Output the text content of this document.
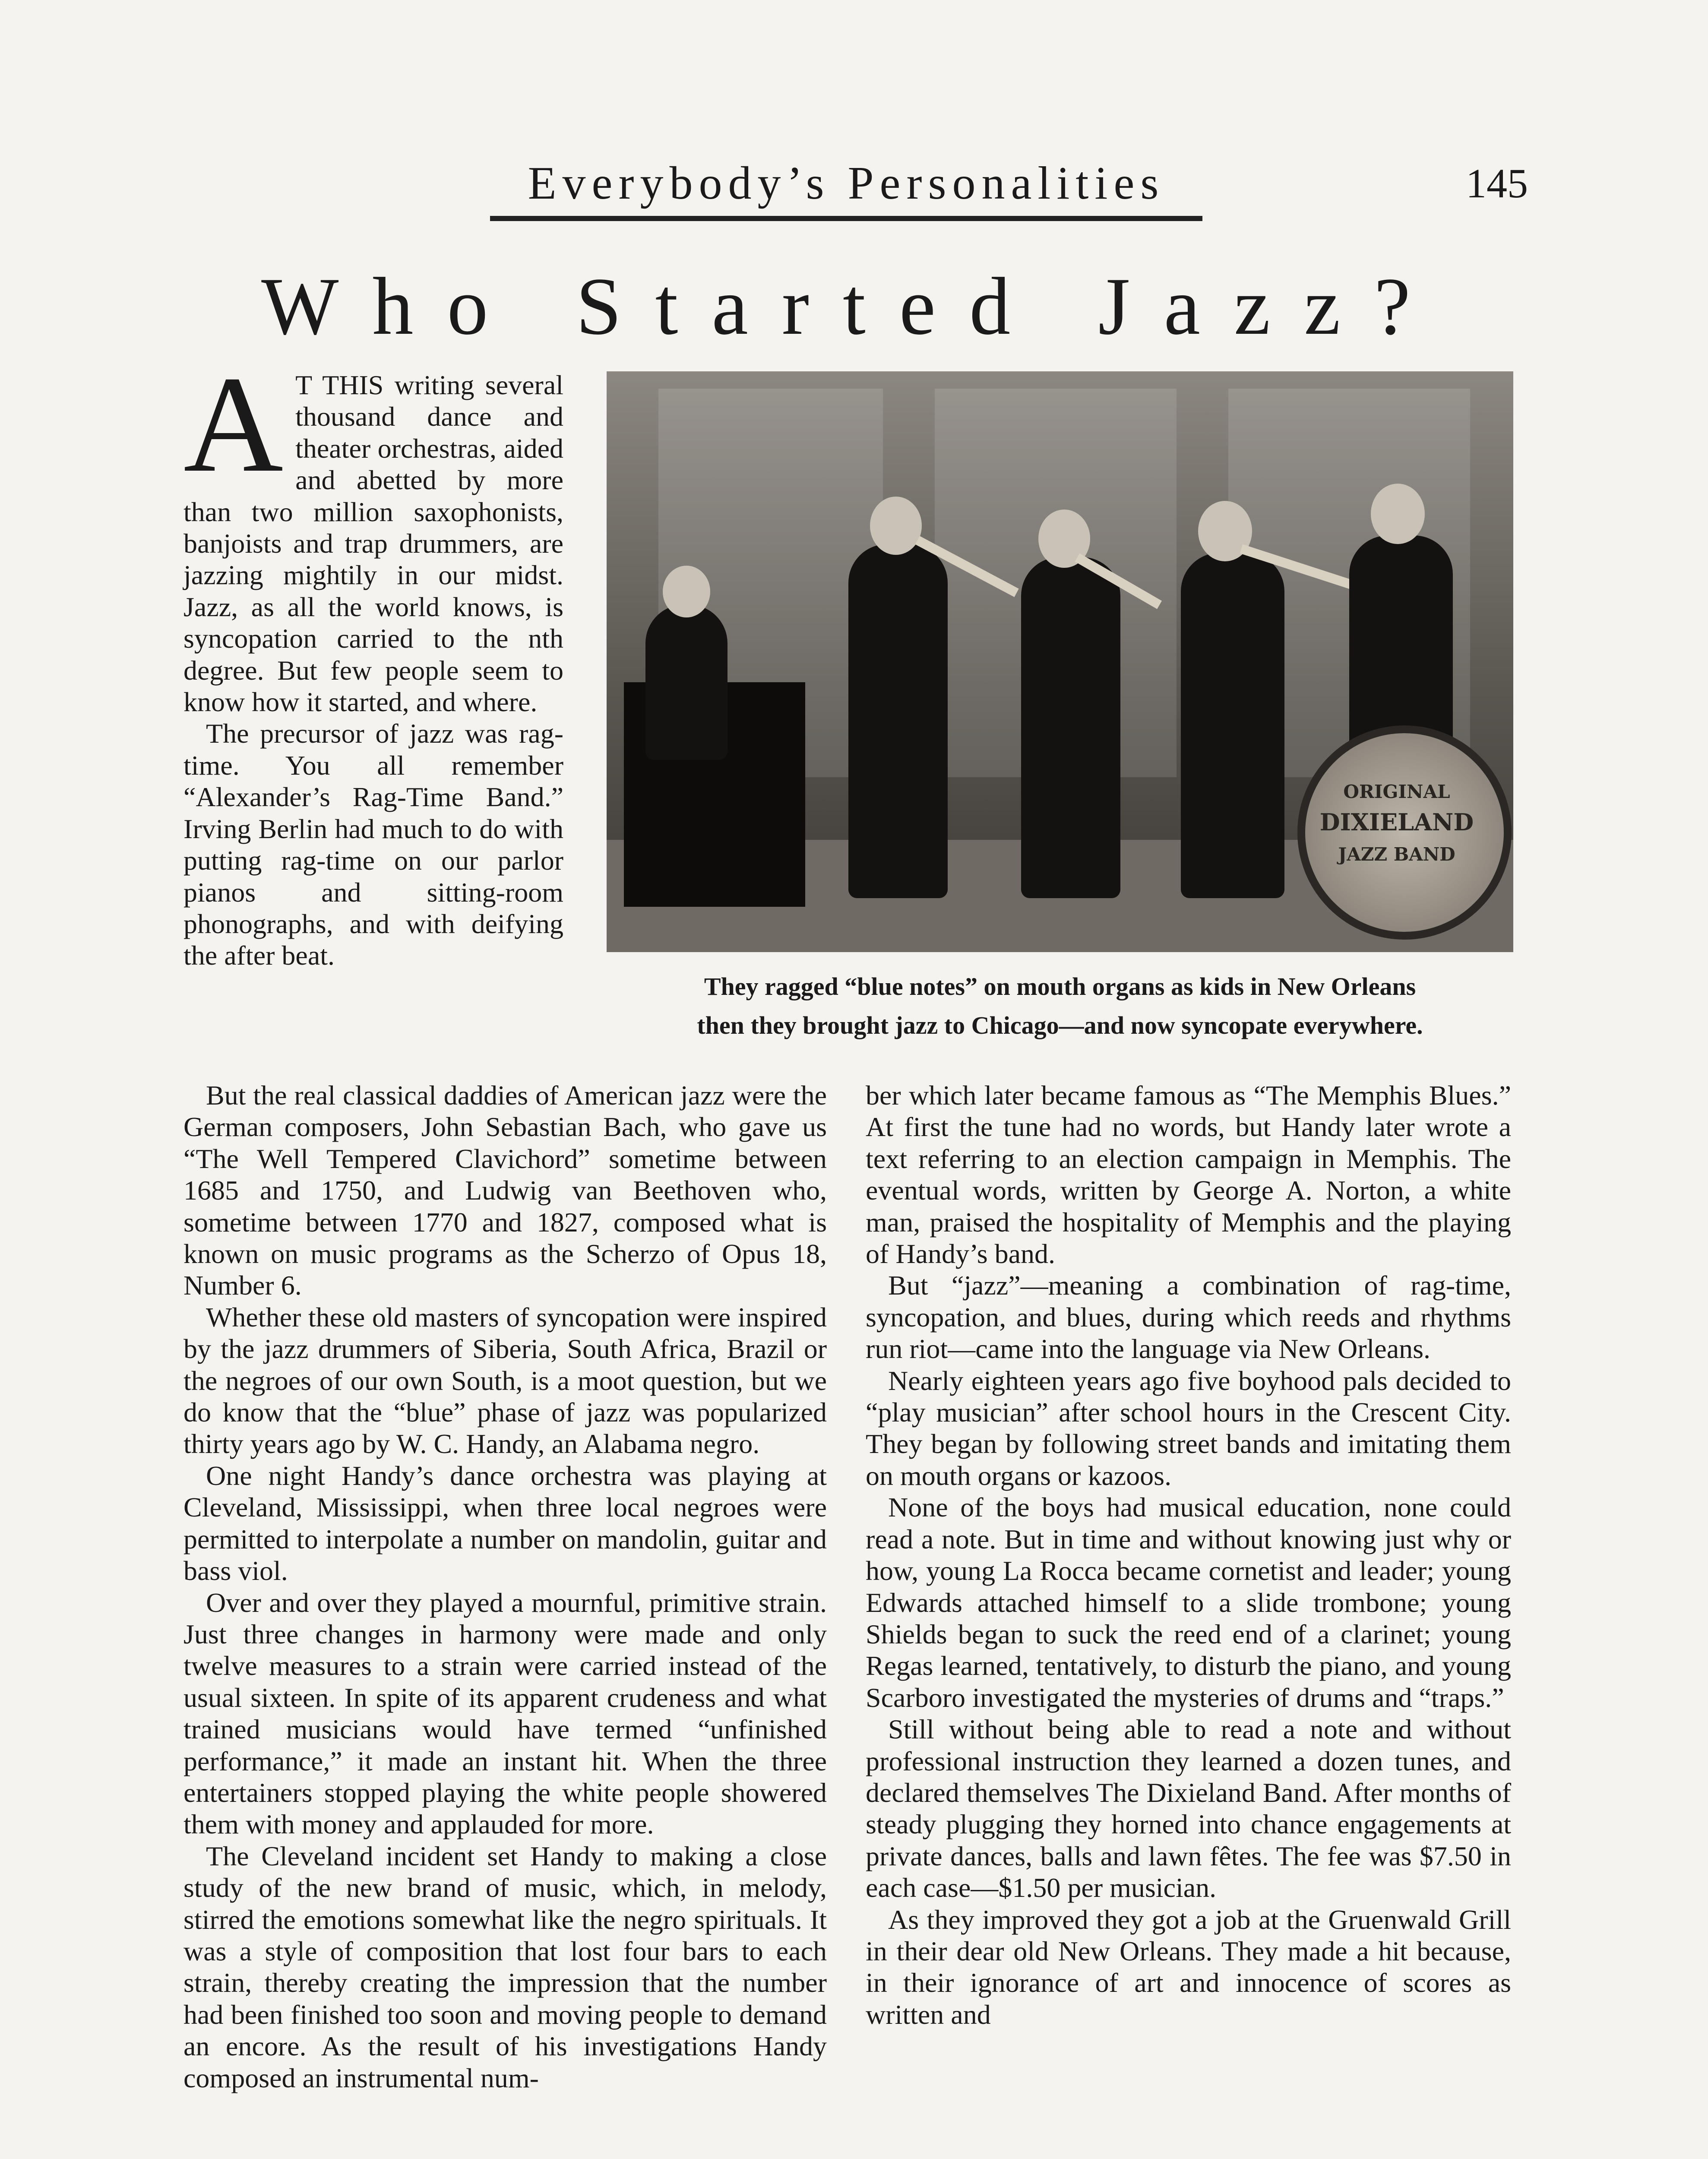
Everybody’s Personalities	145
Who Started Jazz?
ORIGINAL
DIXIELAND
JAZZ BAND
They ragged “blue notes” on mouth organs as kids in New Orleans
then they brought jazz to Chicago—and now syncopate everywhere.

A T THIS writing several thousand dance and theater orchestras, aided and abetted by more than two million saxophonists, banjoists and trap drummers, are jazzing mightily in our midst. Jazz, as all the world knows, is syncopation carried to the nth degree. But few people seem to know how it started, and where.

The precursor of jazz was rag-time. You all remember “Alexander’s Rag-Time Band.” Irving Berlin had much to do with putting rag-time on our parlor pianos and sitting-room phonographs, and with deifying the after beat.

But the real classical daddies of American jazz were the German composers, John Sebastian Bach, who gave us “The Well Tempered Clavichord” sometime between 1685 and 1750, and Ludwig van Beethoven who, sometime between 1770 and 1827, composed what is known on music programs as the Scherzo of Opus 18, Number 6.

Whether these old masters of syncopation were inspired by the jazz drummers of Siberia, South Africa, Brazil or the negroes of our own South, is a moot question, but we do know that the “blue” phase of jazz was popularized thirty years ago by W. C. Handy, an Alabama negro.

One night Handy’s dance orchestra was playing at Cleveland, Mississippi, when three local negroes were permitted to interpolate a number on mandolin, guitar and bass viol.

Over and over they played a mournful, primitive strain. Just three changes in harmony were made and only twelve measures to a strain were carried instead of the usual sixteen. In spite of its apparent crudeness and what trained musicians would have termed “unfinished performance,” it made an instant hit. When the three entertainers stopped playing the white people showered them with money and applauded for more.

The Cleveland incident set Handy to making a close study of the new brand of music, which, in melody, stirred the emotions somewhat like the negro spirituals. It was a style of composition that lost four bars to each strain, thereby creating the impression that the number had been finished too soon and moving people to demand an encore. As the result of his investigations Handy composed an instrumental num-

ber which later became famous as “The Memphis Blues.” At first the tune had no words, but Handy later wrote a text referring to an election campaign in Memphis. The eventual words, written by George A. Norton, a white man, praised the hospitality of Memphis and the playing of Handy’s band.

But “jazz”—meaning a combination of rag-time, syncopation, and blues, during which reeds and rhythms run riot—came into the language via New Orleans.

Nearly eighteen years ago five boyhood pals decided to “play musician” after school hours in the Crescent City. They began by following street bands and imitating them on mouth organs or kazoos.

None of the boys had musical education, none could read a note. But in time and without knowing just why or how, young La Rocca became cornetist and leader; young Edwards attached himself to a slide trombone; young Shields began to suck the reed end of a clarinet; young Regas learned, tentatively, to disturb the piano, and young Scarboro investigated the mysteries of drums and “traps.”

Still without being able to read a note and without professional instruction they learned a dozen tunes, and declared themselves The Dixieland Band. After months of steady plugging they horned into chance engagements at private dances, balls and lawn fêtes. The fee was $7.50 in each case—$1.50 per musician.

As they improved they got a job at the Gruenwald Grill in their dear old New Orleans. They made a hit because, in their ignorance of art and innocence of scores as written and
